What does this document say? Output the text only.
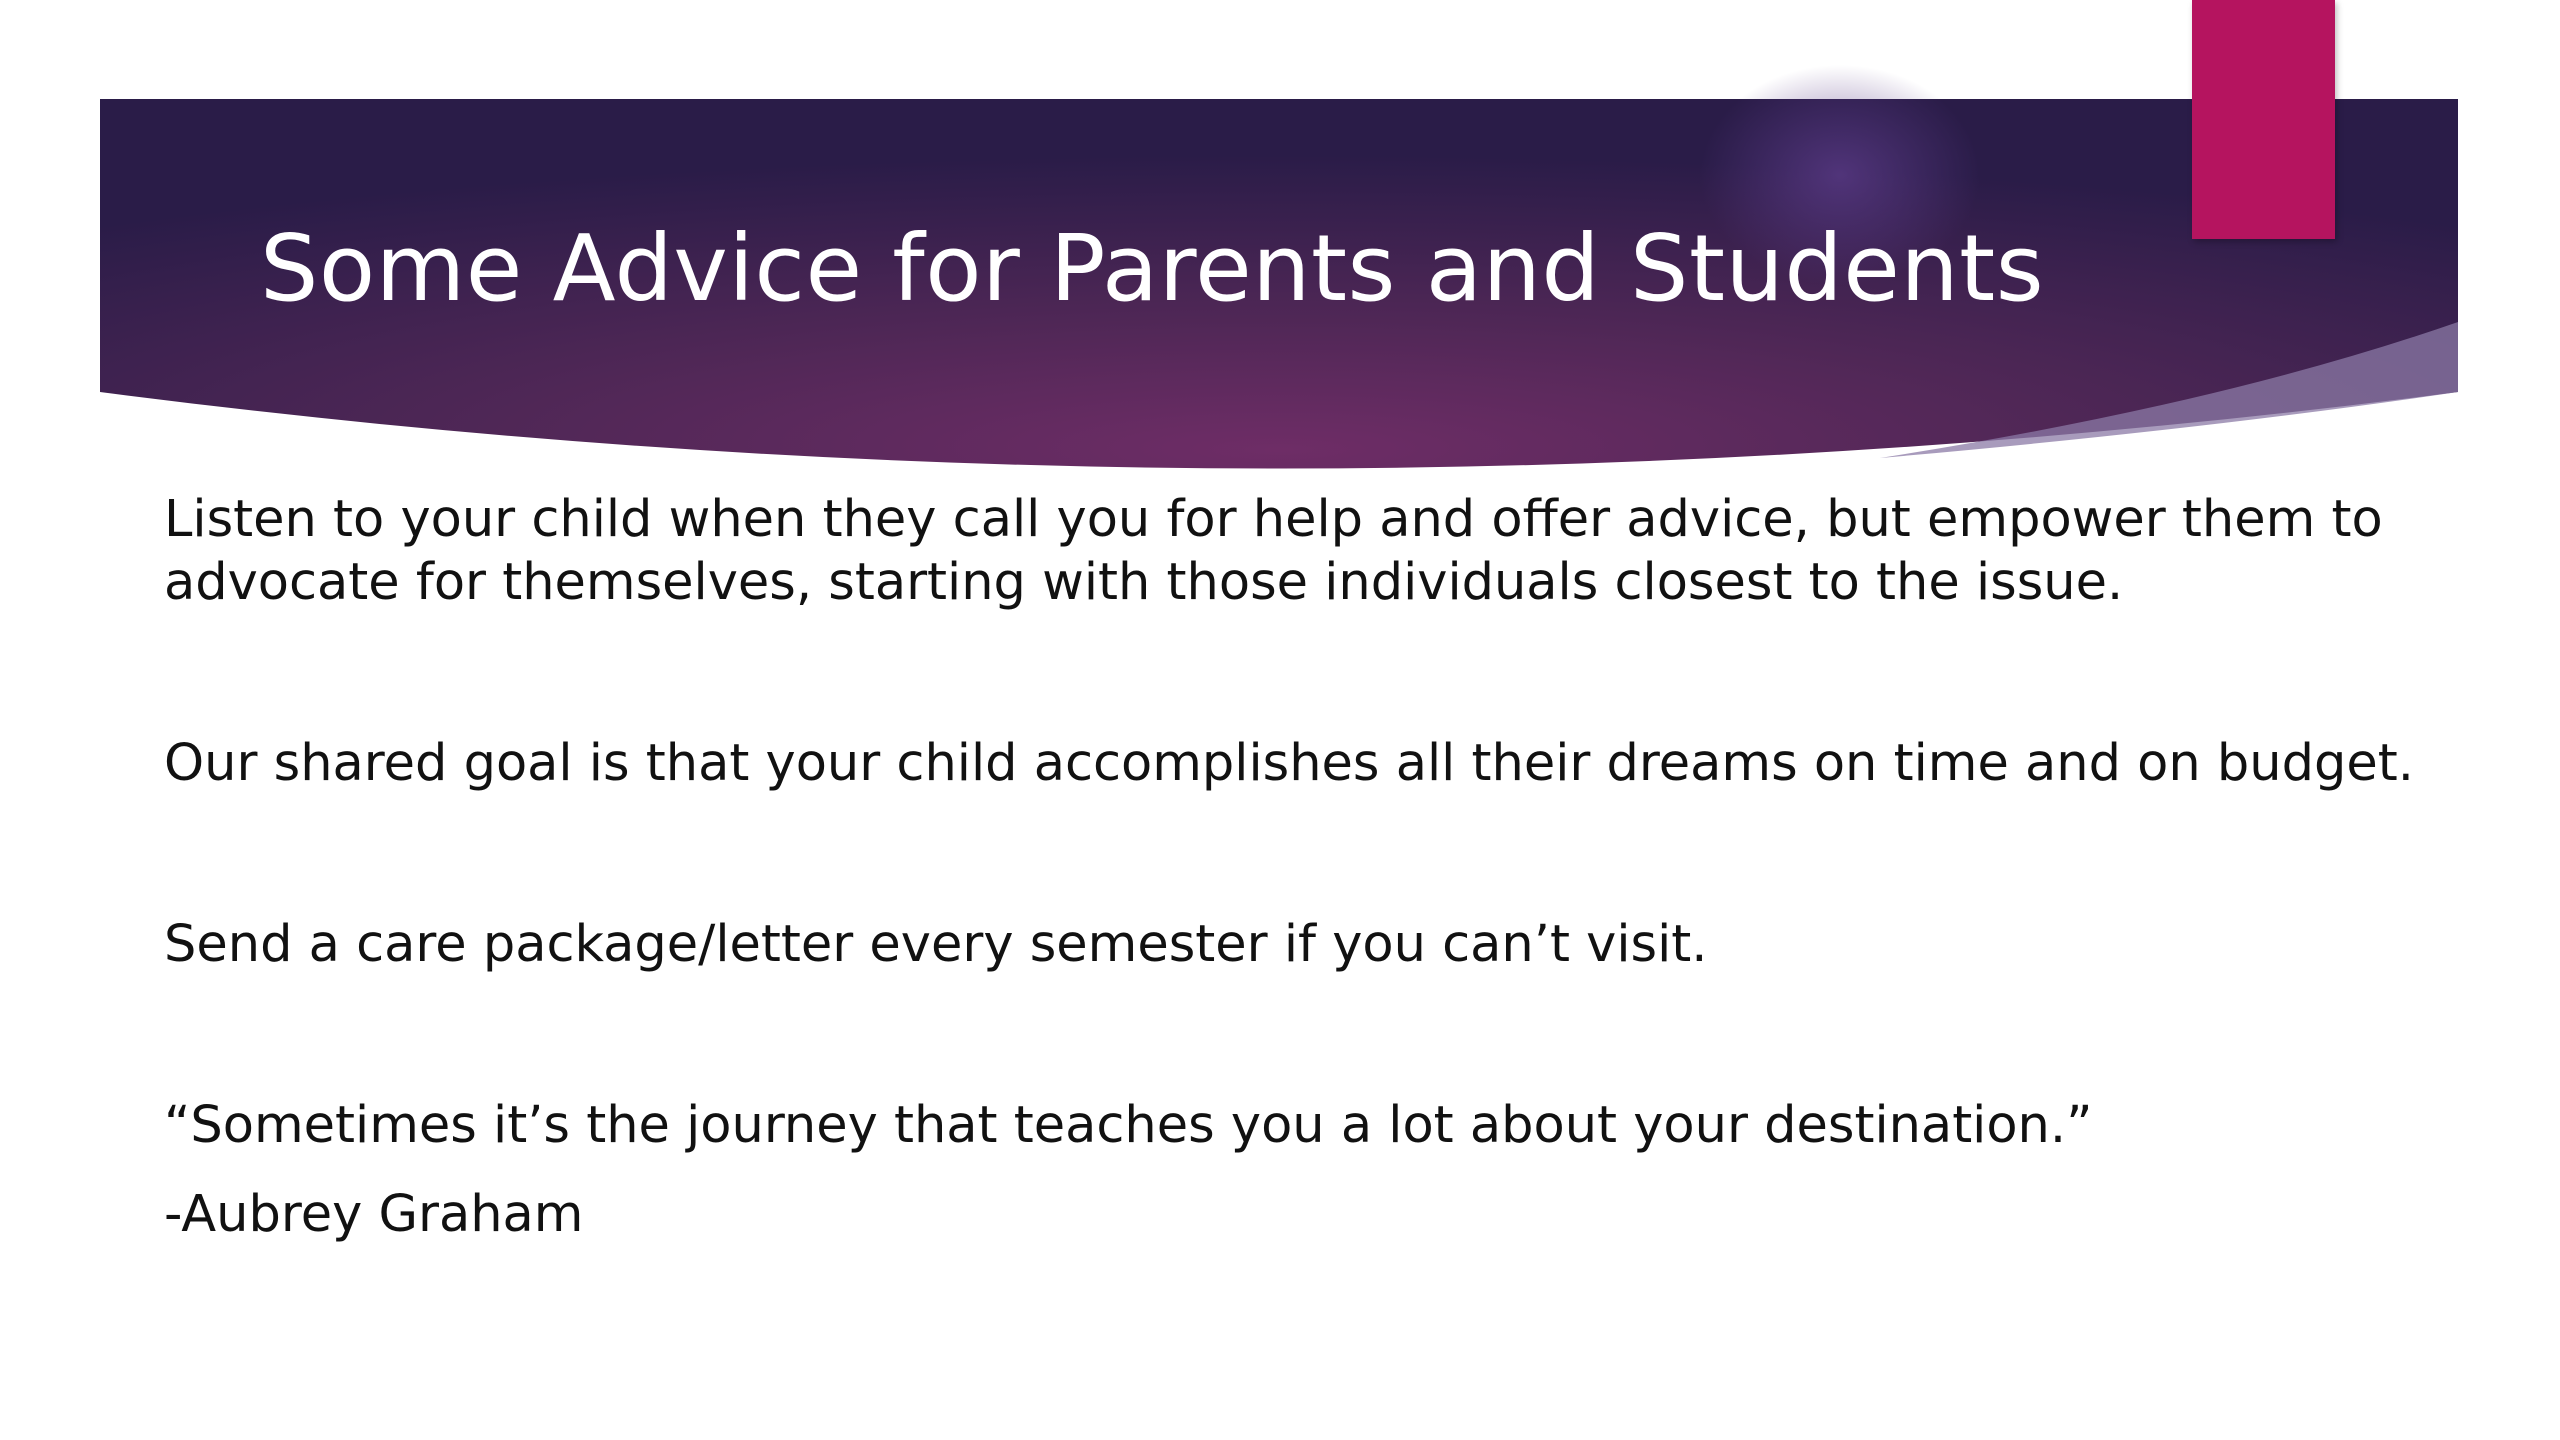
Some Advice for Parents and Students

Listen to your child when they call you for help and offer advice, but empower them to advocate for themselves, starting with those individuals closest to the issue.

Our shared goal is that your child accomplishes all their dreams on time and on budget.

Send a care package/letter every semester if you can’t visit.

“Sometimes it’s the journey that teaches you a lot about your destination.”

-Aubrey Graham
